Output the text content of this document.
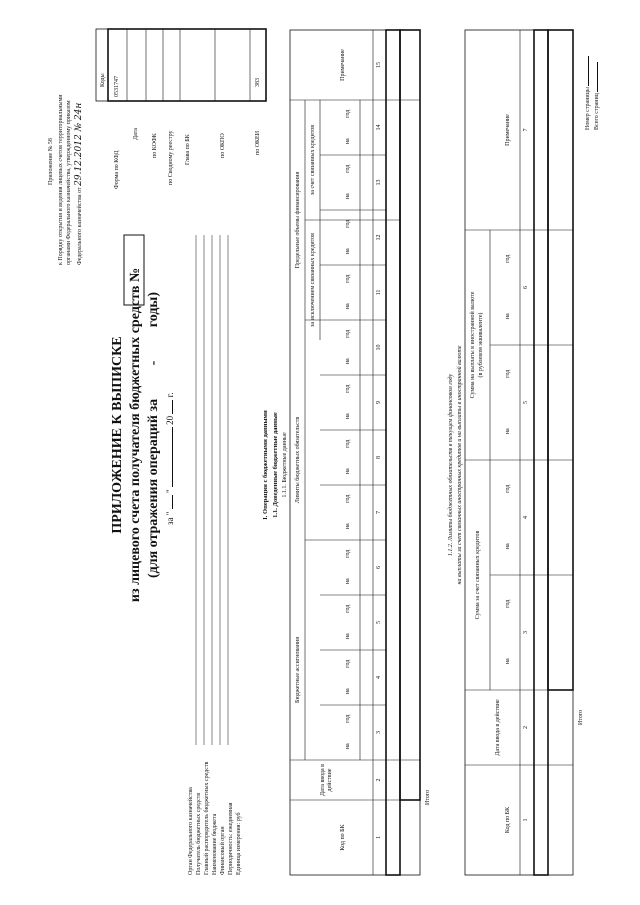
Приложение № 58 к Порядку открытия и ведения лицевых счетов территориальными органами Федерального казначейства, утвержденному приказом Федерального казначейства от 29.12.2012 № 24н
Коды
Форма по КФД
0531747
Дата по КОФК по Сводному реестру Глава по БК	по ОКПО	по ОКЕИ
383
ПРИЛОЖЕНИЕ К ВЫПИСКЕ из лицевого счета получателя бюджетных средств № (для отражения операций за - годы)
за "  "  20  г.
Орган Федерального казначейства Получатель бюджетных средств Главный распорядитель бюджетных средств Наименование бюджета Финансовый орган Периодичность: ежедневная Единица измерения: руб
I. Операции с бюджетными данными 1.1. Доведенные бюджетные данные 1.1.1. Бюджетные данные
Код по БК
Дата ввода в действие
Бюджетные ассигнования
Лимиты бюджетных обязательств
Предельные объемы финансирования
за исключением связанных кредитов
за счет связанных кредитов
Примечание
на
год
на
год
на
год
на
год
на
год
на
год
на
год
на
год
на
год
на
год
на
год
на
год
1
2
3
4
5
6
7
8
9
10
11
12
13
14
15
Итого
1.1.2. Лимиты бюджетных обязательств в текущем финансовом году на выплаты за счет связанных иностранных кредитов и на выплаты в иностранной валюте
Код по БК
Дата ввода в действие
Сумма за счет связанных кредитов
Сумма на выплаты в иностранной валюте (в рублевом эквиваленте)
Примечание
на
год
на
год
на
год
на
год
1
2
3
4
5
6
7
Итого
Номер страницы Всего страниц
